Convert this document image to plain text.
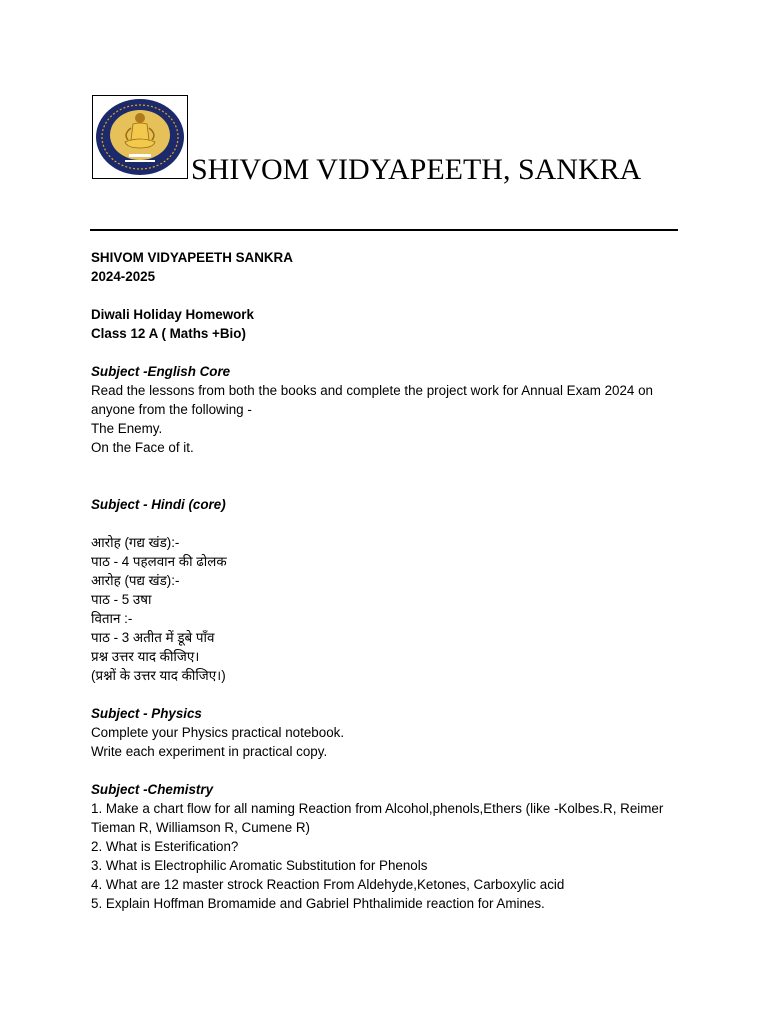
SHIVOM VIDYAPEETH, SANKRA
SHIVOM VIDYAPEETH SANKRA
2024-2025
Diwali Holiday Homework
Class 12 A ( Maths +Bio)
Subject -English Core
Read the lessons from both the books and complete the project work for Annual Exam 2024 on anyone from the following -
The Enemy.
On the Face of it.
Subject - Hindi (core)
आरोह (गद्य खंड):-
पाठ - 4 पहलवान की ढोलक
आरोह (पद्य खंड):-
पाठ - 5 उषा
वितान :-
पाठ - 3 अतीत में डूबे पाँव
प्रश्न उत्तर याद कीजिए।
(प्रश्नों के उत्तर याद कीजिए।)
Subject - Physics
Complete your Physics practical notebook.
Write each experiment in practical copy.
Subject -Chemistry
1. Make a chart flow for all naming Reaction from Alcohol,phenols,Ethers (like -Kolbes.R, Reimer Tieman R, Williamson R, Cumene R)
2. What is Esterification?
3. What is Electrophilic Aromatic Substitution for Phenols
4. What are 12 master strock Reaction From Aldehyde,Ketones, Carboxylic acid
5. Explain Hoffman Bromamide and Gabriel Phthalimide reaction for Amines.
